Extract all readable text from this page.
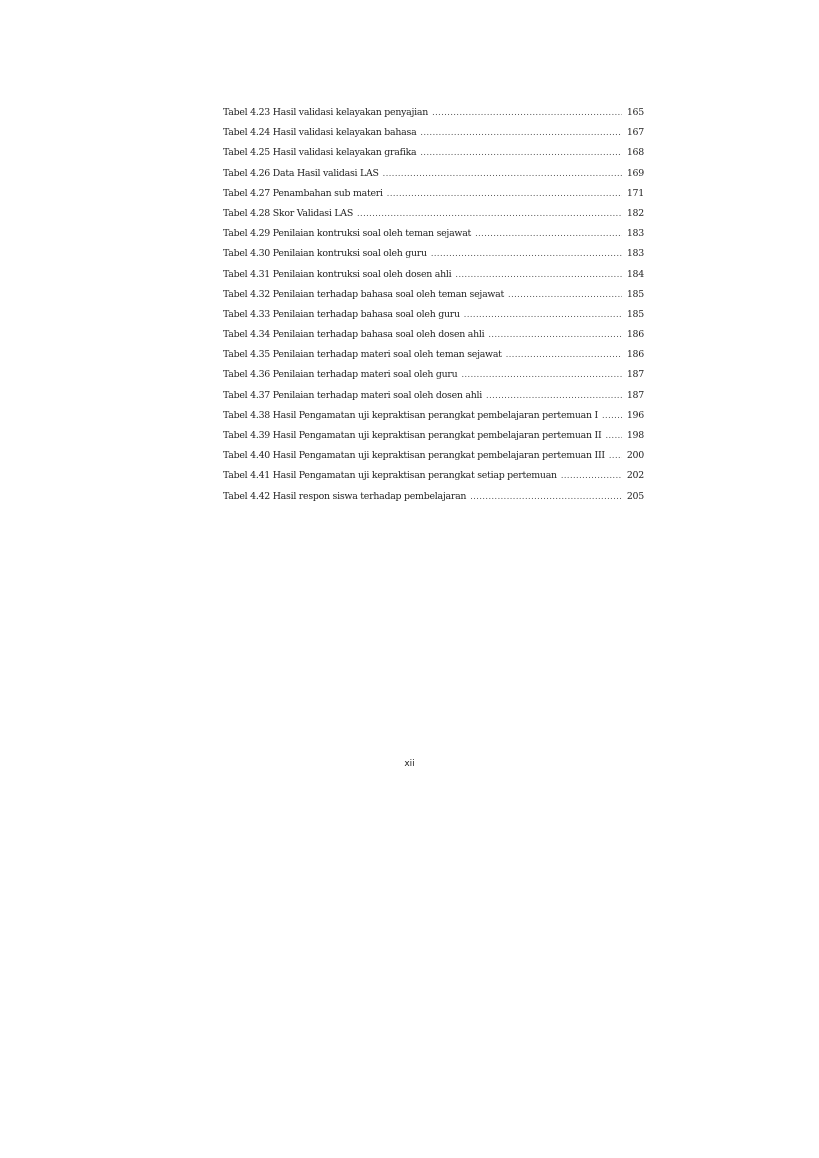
Tabel 4.23 Hasil validasi kelayakan penyajian .....	165
Tabel 4.24 Hasil validasi kelayakan bahasa .....	167
Tabel 4.25 Hasil validasi kelayakan grafika .....	168
Tabel 4.26 Data Hasil validasi LAS .....	169
Tabel 4.27 Penambahan sub materi .....	171
Tabel 4.28 Skor Validasi LAS .....	182
Tabel 4.29 Penilaian kontruksi soal oleh teman sejawat .....	183
Tabel 4.30 Penilaian kontruksi soal oleh guru .....	183
Tabel 4.31 Penilaian kontruksi soal oleh dosen ahli .....	184
Tabel 4.32 Penilaian terhadap bahasa soal oleh teman sejawat .....	185
Tabel 4.33 Penilaian terhadap bahasa soal oleh guru .....	185
Tabel 4.34 Penilaian terhadap bahasa soal oleh dosen ahli .....	186
Tabel 4.35 Penilaian terhadap materi soal oleh teman sejawat .....	186
Tabel 4.36 Penilaian terhadap materi soal oleh guru .....	187
Tabel 4.37 Penilaian terhadap materi soal oleh dosen ahli .....	187
Tabel 4.38 Hasil Pengamatan uji kepraktisan perangkat pembelajaran pertemuan I .....	196
Tabel 4.39 Hasil Pengamatan uji kepraktisan perangkat pembelajaran pertemuan II .....	198
Tabel 4.40 Hasil Pengamatan uji kepraktisan perangkat pembelajaran pertemuan III ..... 200
Tabel 4.41 Hasil Pengamatan uji kepraktisan perangkat setiap pertemuan .....	202
Tabel 4.42 Hasil respon siswa terhadap pembelajaran .....	205
xii
